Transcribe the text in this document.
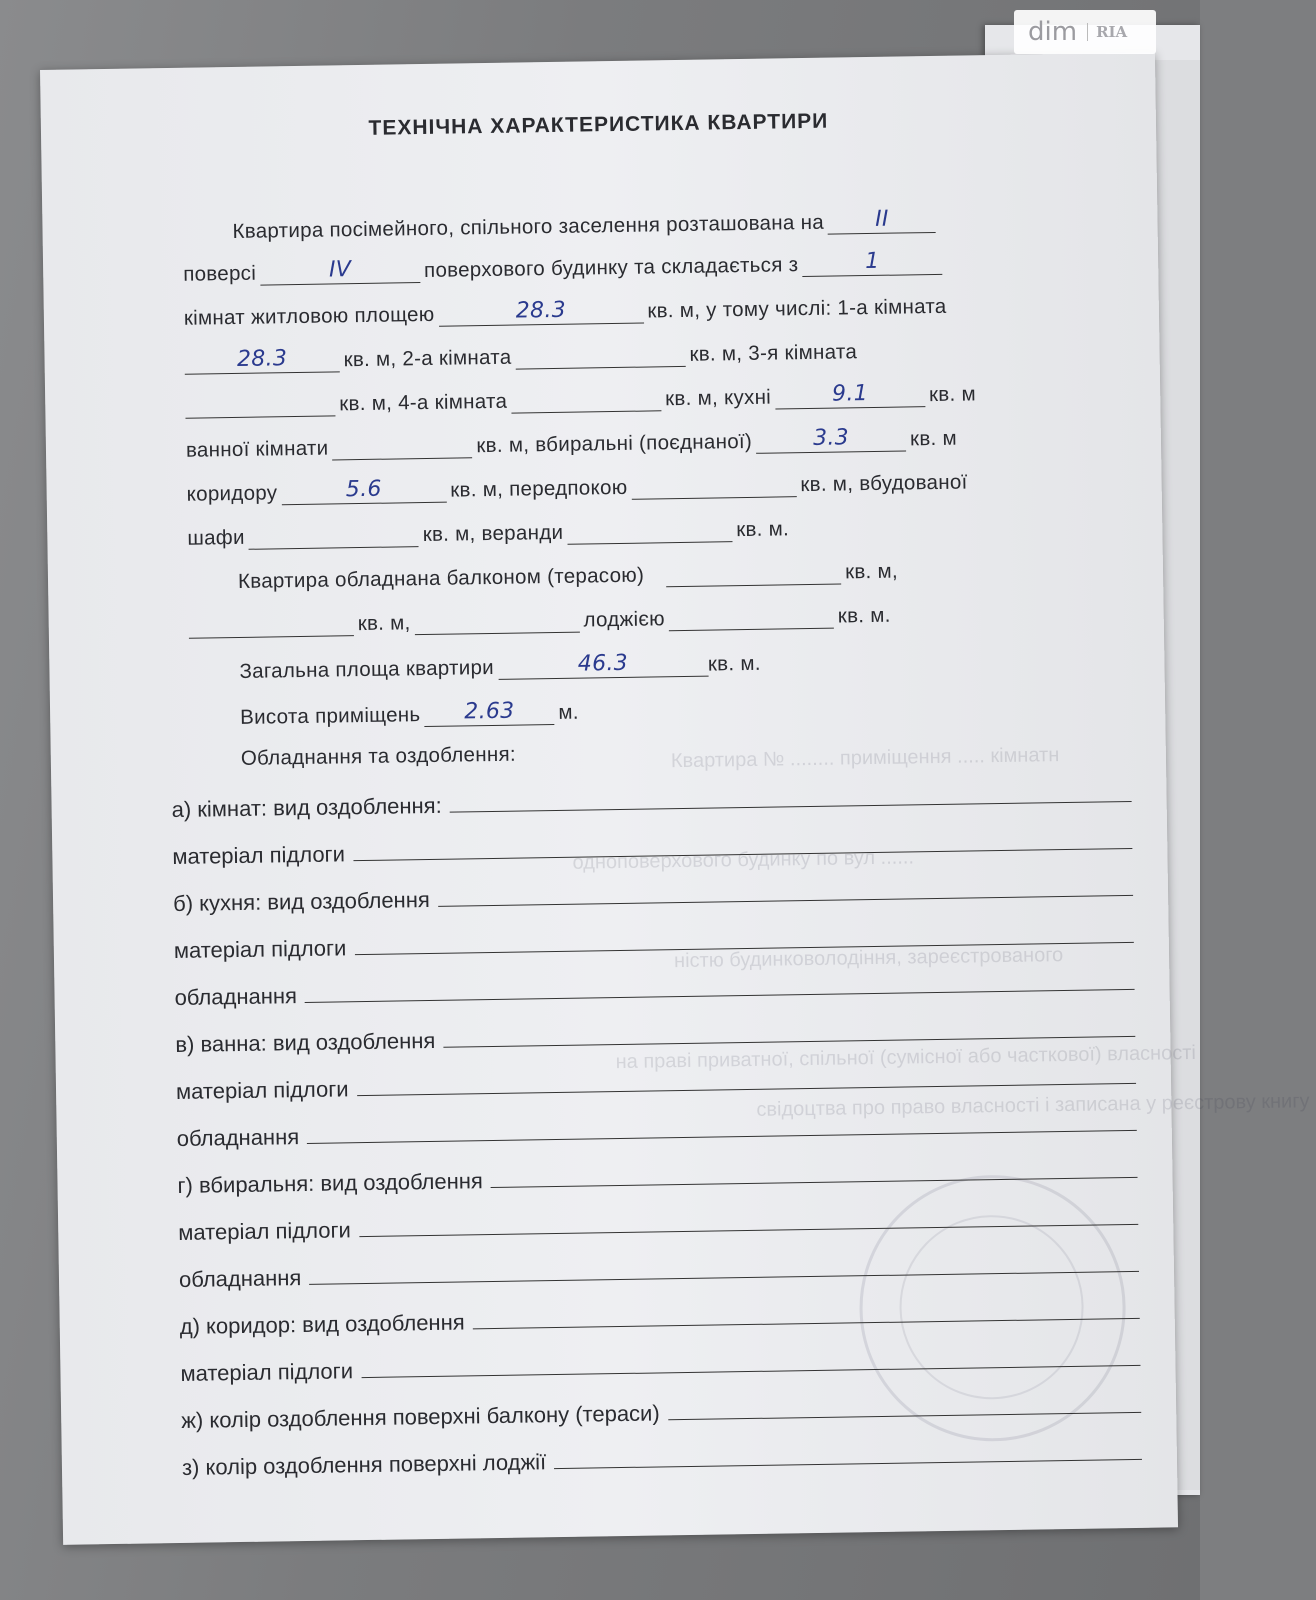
Квартира № ........ приміщення ..... кімнатн
одноповерхового будинку по вул ......
ністю будинковолодіння, зареєстрованого
на праві приватної, спільної (сумісної або часткової) власності
свідоцтва про право власності і записана у реєстрову книгу
ТЕХНІЧНА ХАРАКТЕРИСТИКА КВАРТИРИ
Квартира посімейного, спільного заселення розташована на ІІ
поверсі	IV	поверхового будинку та складається з	1
кімнат житловою площею	28.3	кв. м, у тому числі: 1-а кімната
28.3	кв. м, 2-а кімната	кв. м, 3-я кімната
кв. м, 4-а кімната	кв. м, кухні	9.1	кв. м
ванної кімнати	кв. м, вбиральні (поєднаної)	3.3	кв. м
коридору	5.6	кв. м, передпокою	кв. м, вбудованої
шафи	кв. м, веранди	кв. м.
Квартира обладнана балконом (терасою)	кв. м,
кв. м,	лоджією	кв. м.
Загальна площа квартири	46.3	кв. м.
Висота приміщень 2.63 м.
Обладнання та оздоблення:
а) кімнат: вид оздоблення:
матеріал підлоги
б) кухня: вид оздоблення
матеріал підлоги
обладнання
в) ванна: вид оздоблення
матеріал підлоги
обладнання
г) вбиральня: вид оздоблення
матеріал підлоги
обладнання
д) коридор: вид оздоблення
матеріал підлоги
ж) колір оздоблення поверхні балкону (тераси)
з) колір оздоблення поверхні лоджії
dim	RIA
